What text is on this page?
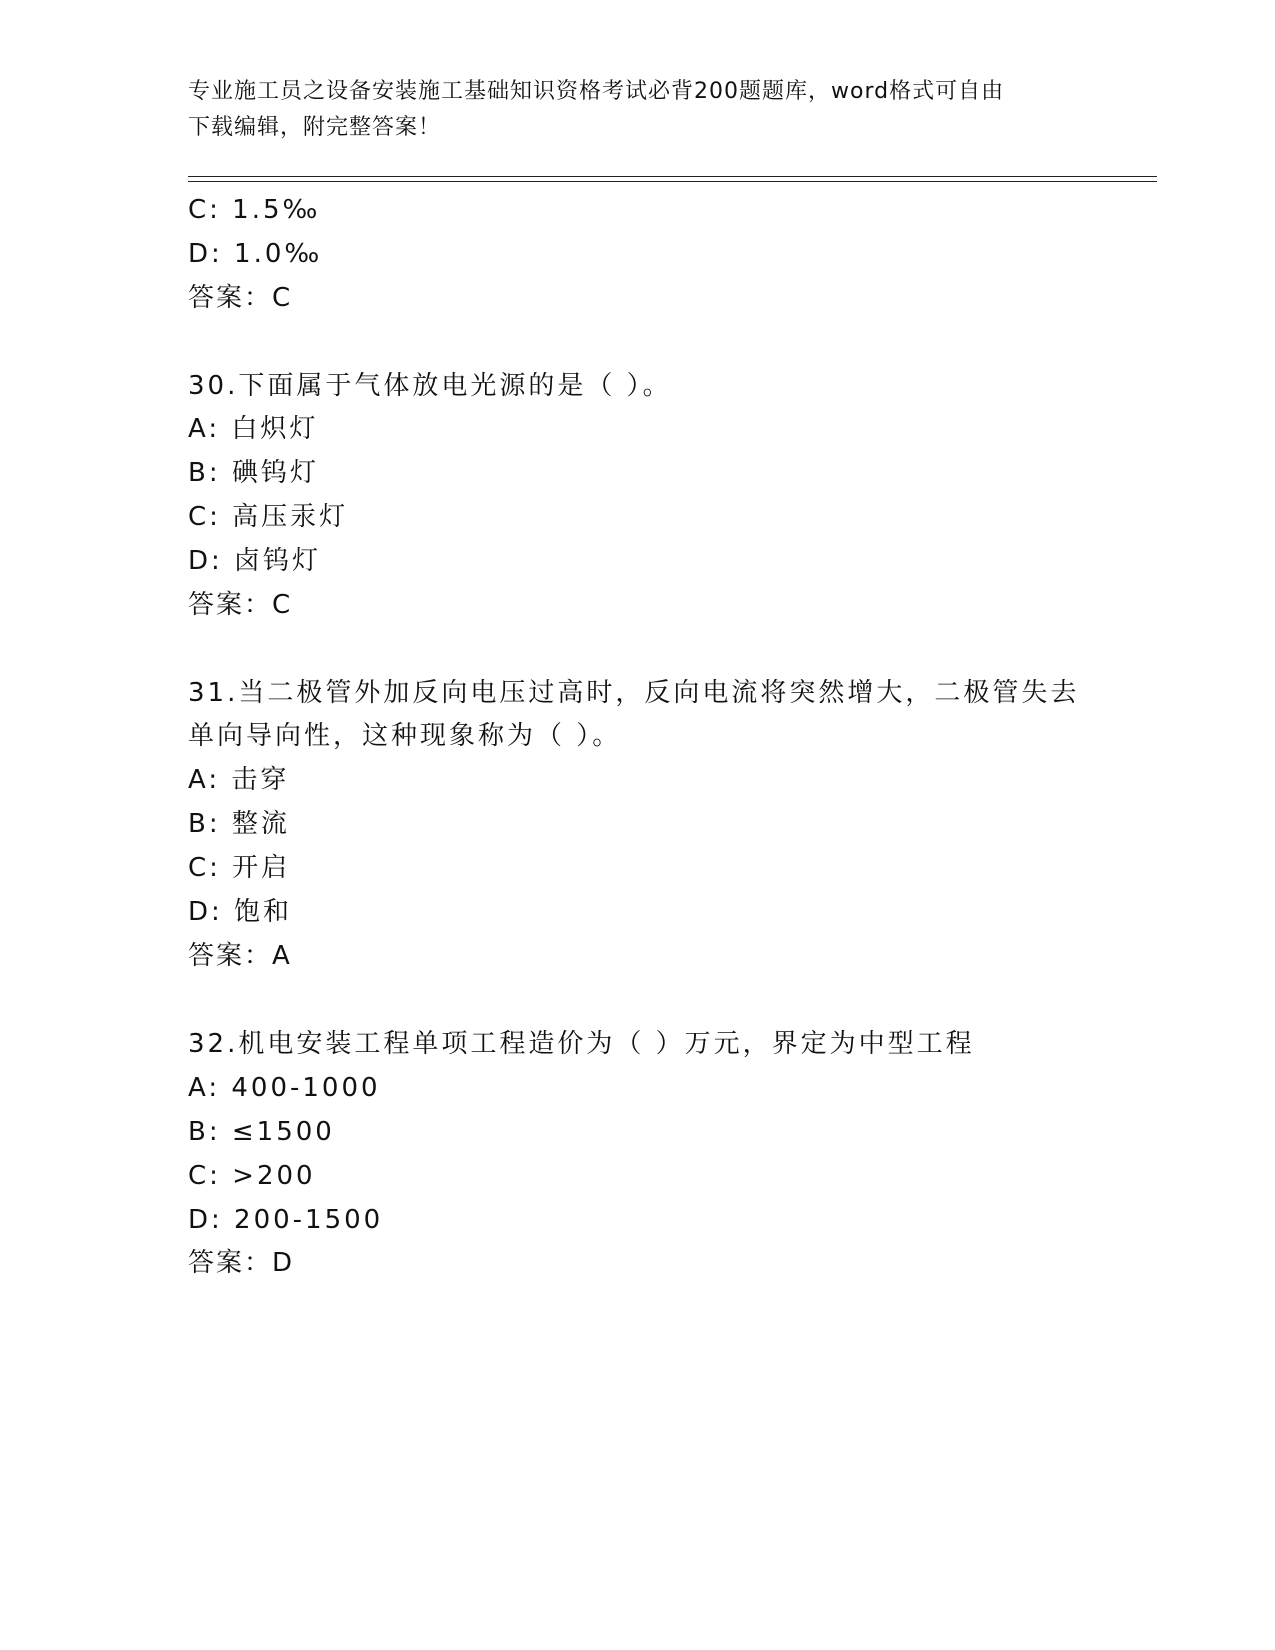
专业施工员之设备安装施工基础知识资格考试必背200题题库，word格式可自由
下载编辑，附完整答案！
C: 1.5‰
D: 1.0‰
答案：C
30.下面属于气体放电光源的是（ ）。
A: 白炽灯
B: 碘钨灯
C: 高压汞灯
D: 卤钨灯
答案：C
31.当二极管外加反向电压过高时，反向电流将突然增大，二极管失去
单向导向性，这种现象称为（ ）。
A: 击穿
B: 整流
C: 开启
D: 饱和
答案：A
32.机电安装工程单项工程造价为（ ）万元，界定为中型工程
A: 400-1000
B: ≤1500
C: >200
D: 200-1500
答案：D
